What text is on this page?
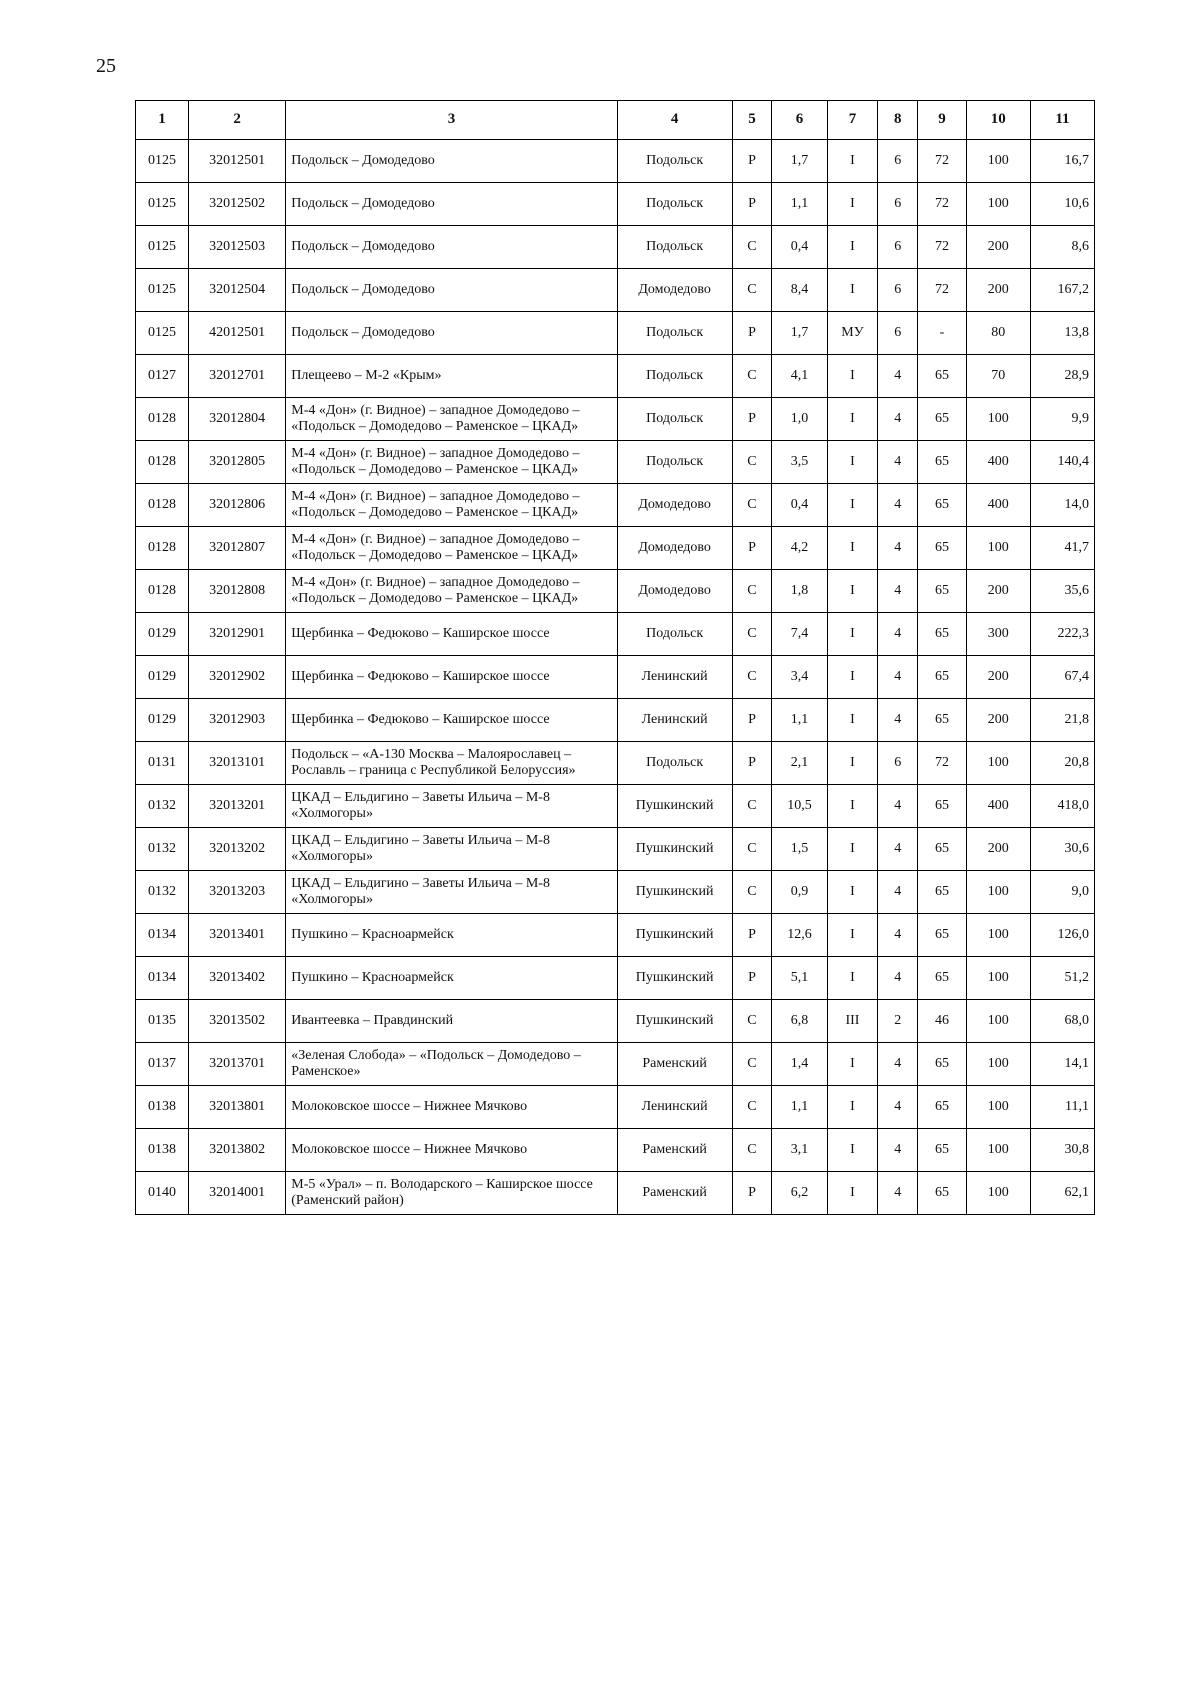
25
1	2	3	4	5	6	7	8	9	10	11
0125	32012501	Подольск – Домодедово	Подольск	Р	1,7	I	6	72	100	16,7
0125	32012502	Подольск – Домодедово	Подольск	Р	1,1	I	6	72	100	10,6
0125	32012503	Подольск – Домодедово	Подольск	С	0,4	I	6	72	200	8,6
0125	32012504	Подольск – Домодедово	Домодедово	С	8,4	I	6	72	200	167,2
0125	42012501	Подольск – Домодедово	Подольск	Р	1,7	МУ	6	-	80	13,8
0127	32012701	Плещеево – М-2 «Крым»	Подольск	С	4,1	I	4	65	70	28,9
0128	32012804	М-4 «Дон» (г. Видное) – западное Домодедово – «Подольск – Домодедово – Раменское – ЦКАД»	Подольск	Р	1,0	I	4	65	100	9,9
0128	32012805	М-4 «Дон» (г. Видное) – западное Домодедово – «Подольск – Домодедово – Раменское – ЦКАД»	Подольск	С	3,5	I	4	65	400	140,4
0128	32012806	М-4 «Дон» (г. Видное) – западное Домодедово – «Подольск – Домодедово – Раменское – ЦКАД»	Домодедово	С	0,4	I	4	65	400	14,0
0128	32012807	М-4 «Дон» (г. Видное) – западное Домодедово – «Подольск – Домодедово – Раменское – ЦКАД»	Домодедово	Р	4,2	I	4	65	100	41,7
0128	32012808	М-4 «Дон» (г. Видное) – западное Домодедово – «Подольск – Домодедово – Раменское – ЦКАД»	Домодедово	С	1,8	I	4	65	200	35,6
0129	32012901	Щербинка – Федюково – Каширское шоссе	Подольск	С	7,4	I	4	65	300	222,3
0129	32012902	Щербинка – Федюково – Каширское шоссе	Ленинский	С	3,4	I	4	65	200	67,4
0129	32012903	Щербинка – Федюково – Каширское шоссе	Ленинский	Р	1,1	I	4	65	200	21,8
0131	32013101	Подольск – «А-130 Москва – Малоярославец – Рославль – граница с Республикой Белоруссия»	Подольск	Р	2,1	I	6	72	100	20,8
0132	32013201	ЦКАД – Ельдигино – Заветы Ильича – М-8 «Холмогоры»	Пушкинский	С	10,5	I	4	65	400	418,0
0132	32013202	ЦКАД – Ельдигино – Заветы Ильича – М-8 «Холмогоры»	Пушкинский	С	1,5	I	4	65	200	30,6
0132	32013203	ЦКАД – Ельдигино – Заветы Ильича – М-8 «Холмогоры»	Пушкинский	С	0,9	I	4	65	100	9,0
0134	32013401	Пушкино – Красноармейск	Пушкинский	Р	12,6	I	4	65	100	126,0
0134	32013402	Пушкино – Красноармейск	Пушкинский	Р	5,1	I	4	65	100	51,2
0135	32013502	Ивантеевка – Правдинский	Пушкинский	С	6,8	III	2	46	100	68,0
0137	32013701	«Зеленая Слобода» – «Подольск – Домодедово – Раменское»	Раменский	С	1,4	I	4	65	100	14,1
0138	32013801	Молоковское шоссе – Нижнее Мячково	Ленинский	С	1,1	I	4	65	100	11,1
0138	32013802	Молоковское шоссе – Нижнее Мячково	Раменский	С	3,1	I	4	65	100	30,8
0140	32014001	М-5 «Урал» – п. Володарского – Каширское шоссе (Раменский район)	Раменский	Р	6,2	I	4	65	100	62,1
